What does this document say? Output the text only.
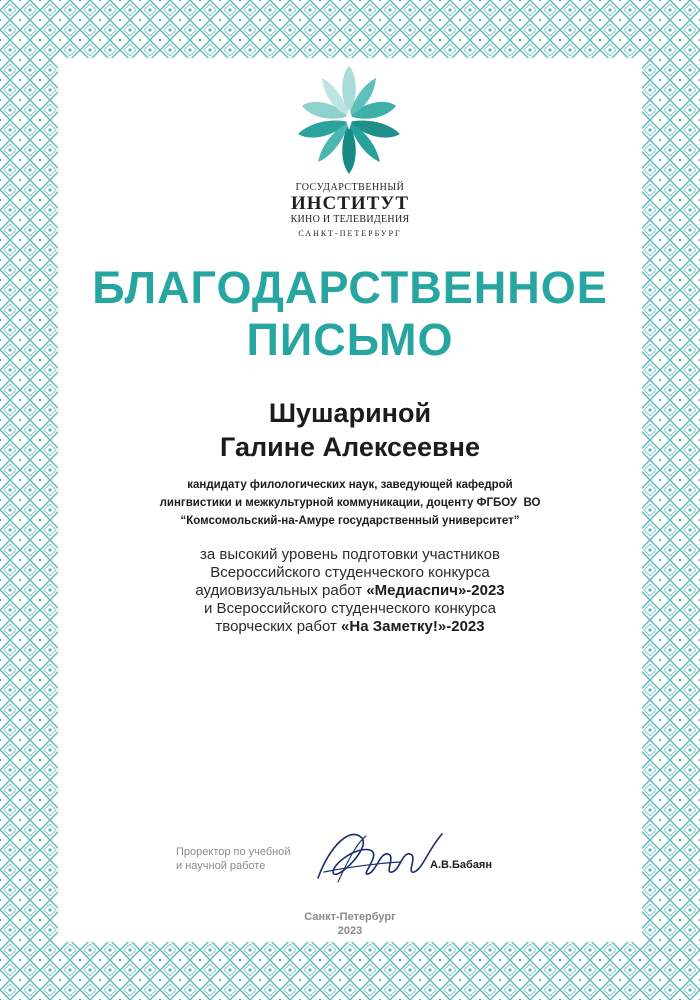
ГОСУДАРСТВЕННЫЙ
ИНСТИТУТ
КИНО И ТЕЛЕВИДЕНИЯ
САНКТ-ПЕТЕРБУРГ
БЛАГОДАРСТВЕННОЕ
ПИСЬМО
Шушариной
Галине Алексеевне
кандидату филологических наук, заведующей кафедрой
лингвистики и межкультурной коммуникации, доценту ФГБОУ  ВО
“Комсомольский-на-Амуре государственный университет”
за высокий уровень подготовки участников
Всероссийского студенческого конкурса
аудиовизуальных работ «Медиаспич»-2023
и Всероссийского студенческого конкурса
творческих работ «На Заметку!»-2023
Проректор по учебной
и научной работе	А.В.Бабаян
Санкт-Петербург
2023
